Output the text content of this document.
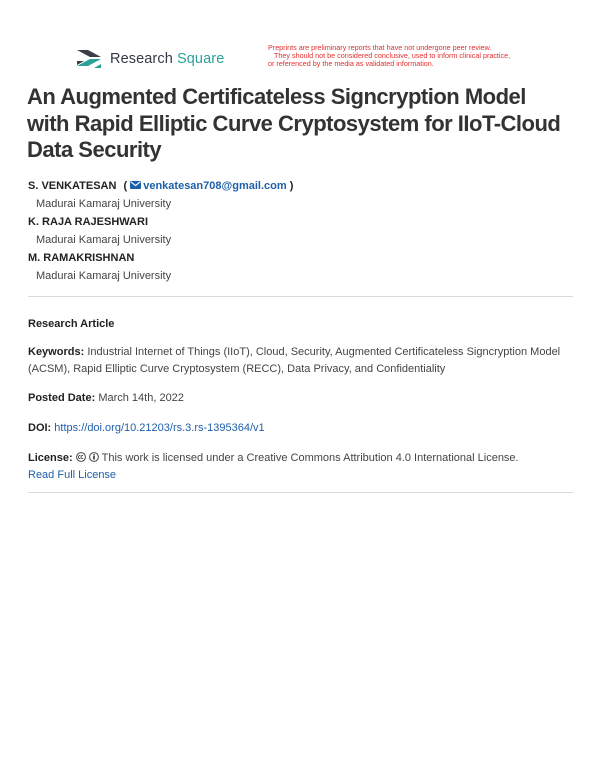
Research Square
Preprints are preliminary reports that have not undergone peer review.
They should not be considered conclusive, used to inform clinical practice,
or referenced by the media as validated information.
An Augmented Certificateless Signcryption Model with Rapid Elliptic Curve Cryptosystem for IIoT-Cloud Data Security
S. VENKATESAN ( venkatesan708@gmail.com )
Madurai Kamaraj University
K. RAJA RAJESHWARI
Madurai Kamaraj University
M. RAMAKRISHNAN
Madurai Kamaraj University
Research Article
Keywords: Industrial Internet of Things (IIoT), Cloud, Security, Augmented Certificateless Signcryption Model (ACSM), Rapid Elliptic Curve Cryptosystem (RECC), Data Privacy, and Confidentiality
Posted Date: March 14th, 2022
DOI: https://doi.org/10.21203/rs.3.rs-1395364/v1
License:	This work is licensed under a Creative Commons Attribution 4.0 International License.
Read Full License
